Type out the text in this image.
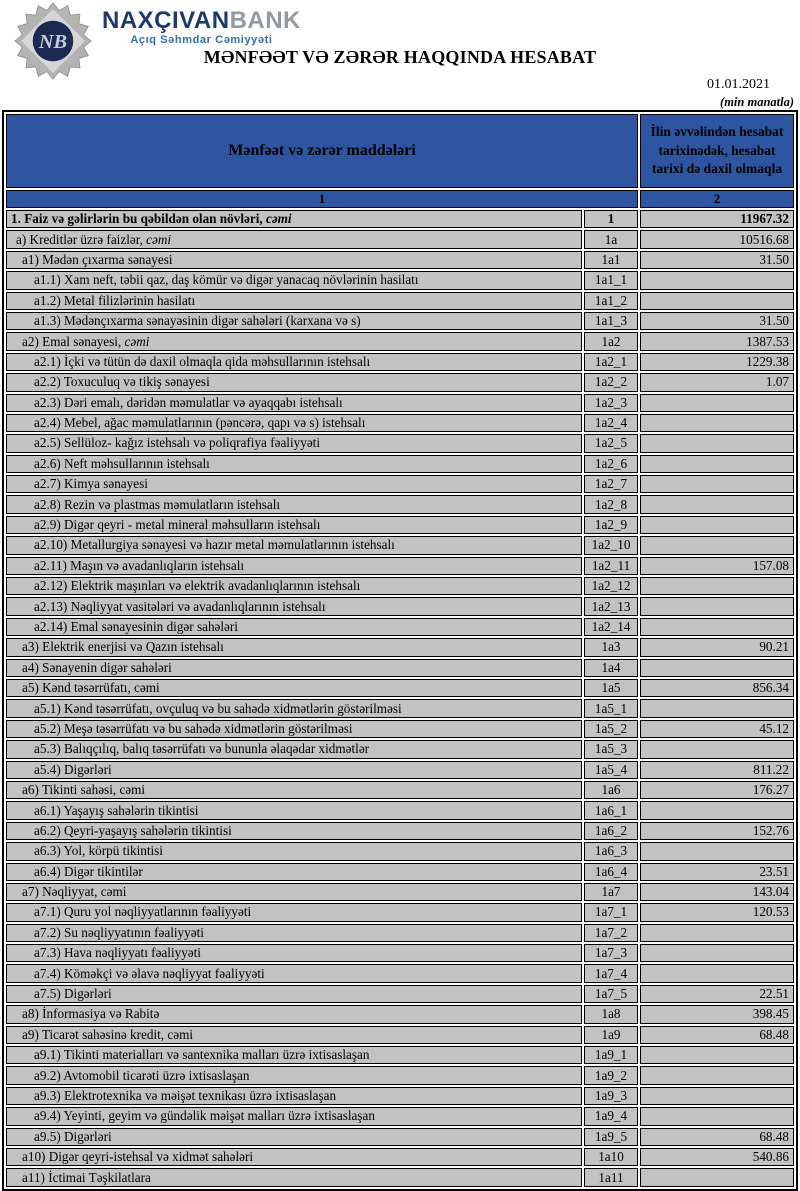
NB
NAXÇIVANBANK
Açıq Səhmdar Cəmiyyəti
MƏNFƏƏT VƏ ZƏRƏR HAQQINDA HESABAT
01.01.2021
(min manatla)
Mənfəət və zərər maddələri		İlin əvvəlindən hesabat tarixinədək, hesabat tarixi də daxil olmaqla
1		2
1. Faiz və gəlirlərin bu qəbildən olan növləri, cəmi	1	11967.32
a) Kreditlər üzrə faizlər, cəmi	1a	10516.68
a1) Mədən çıxarma sənayesi	1a1	31.50
a1.1) Xam neft, təbii qaz, daş kömür və digər yanacaq növlərinin hasilatı	1a1_1	
a1.2) Metal filizlərinin hasilatı	1a1_2	
a1.3) Mədənçıxarma sənayəsinin digər sahələri (karxana və s)	1a1_3	31.50
a2) Emal sənayesi, cəmi	1a2	1387.53
a2.1) İçki və tütün də daxil olmaqla qida məhsullarının istehsalı	1a2_1	1229.38
a2.2) Toxuculuq və tikiş sənayesi	1a2_2	1.07
a2.3) Dəri emalı, dəridən məmulatlar və ayaqqabı istehsalı	1a2_3	
a2.4) Mebel, ağac məmulatlarının (pəncərə, qapı və s) istehsalı	1a2_4	
a2.5) Sellüloz- kağız istehsalı və poliqrafiya fəaliyyəti	1a2_5	
a2.6) Neft məhsullarının istehsalı	1a2_6	
a2.7) Kimya sənayesi	1a2_7	
a2.8) Rezin və plastmas məmulatların istehsalı	1a2_8	
a2.9) Digər qeyri - metal mineral məhsulların istehsalı	1a2_9	
a2.10) Metallurgiya sənayesi və hazır metal məmulatlarının istehsalı	1a2_10	
a2.11) Maşın və avadanlıqların istehsalı	1a2_11	157.08
a2.12) Elektrik maşınları və elektrik avadanlıqlarının istehsalı	1a2_12	
a2.13) Nəqliyyat vasitələri və avadanlıqlarının istehsalı	1a2_13	
a2.14) Emal sənayesinin digər sahələri	1a2_14	
a3) Elektrik enerjisi və Qazın istehsalı	1a3	90.21
a4) Sənayenin digər sahələri	1a4	
a5) Kənd təsərrüfatı, cəmi	1a5	856.34
a5.1) Kənd təsərrüfatı, ovçuluq və bu sahədə xidmətlərin göstərilməsi	1a5_1	
a5.2) Meşə təsərrüfatı və bu sahədə xidmətlərin göstərilməsi	1a5_2	45.12
a5.3) Balıqçılıq, balıq təsərrüfatı və bununla əlaqədar xidmətlər	1a5_3	
a5.4) Digərləri	1a5_4	811.22
a6) Tikinti sahəsi, cəmi	1a6	176.27
a6.1) Yaşayış sahələrin tikintisi	1a6_1	
a6.2) Qeyri-yaşayış sahələrin tikintisi	1a6_2	152.76
a6.3) Yol, körpü tikintisi	1a6_3	
a6.4) Digər tikintilər	1a6_4	23.51
a7) Nəqliyyat, cəmi	1a7	143.04
a7.1) Quru yol nəqliyyatlarının fəaliyyəti	1a7_1	120.53
a7.2) Su nəqliyyatının fəaliyyəti	1a7_2	
a7.3) Hava nəqliyyatı fəaliyyəti	1a7_3	
a7.4) Köməkçi və əlavə nəqliyyat fəaliyyəti	1a7_4	
a7.5) Digərləri	1a7_5	22.51
a8) İnformasiya və Rabitə	1a8	398.45
a9) Ticarət sahəsinə kredit, cəmi	1a9	68.48
a9.1) Tikinti materialları və santexnika malları üzrə ixtisaslaşan	1a9_1	
a9.2) Avtomobil ticarəti üzrə ixtisaslaşan	1a9_2	
a9.3) Elektrotexnika və məişət texnikası üzrə ixtisaslaşan	1a9_3	
a9.4) Yeyinti, geyim və gündəlik məişət malları üzrə ixtisaslaşan	1a9_4	
a9.5) Digərləri	1a9_5	68.48
a10) Digər qeyri-istehsal və xidmət sahələri	1a10	540.86
a11) İctimai Təşkilatlara	1a11	
